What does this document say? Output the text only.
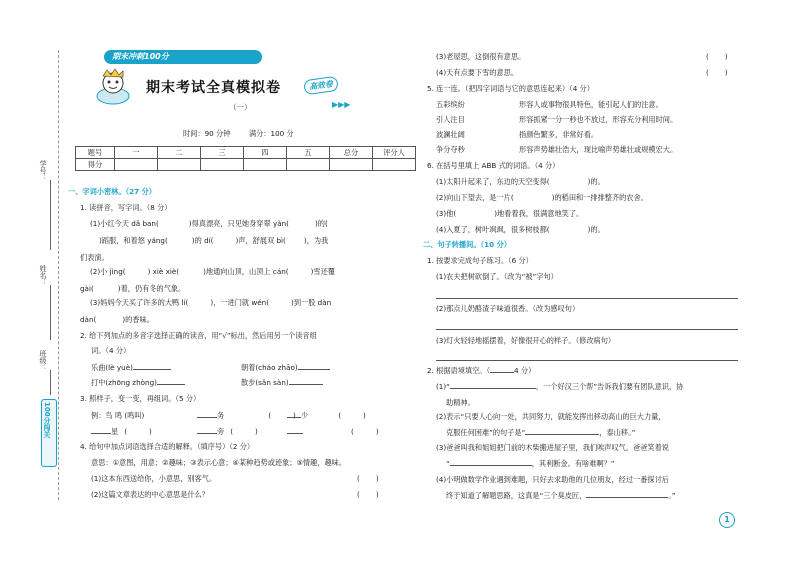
学号：
姓名：
班级：
100分闯关
期末冲刺100分
期末考试全真模拟卷
（一）
高效卷
▶▶▶
时间：90 分钟	满分：100 分
题号	一	二	三	四	五	总分	评分人
得分							
一、字词小密林。（27 分）
1. 读拼音，写字词。（8 分）
(1)小红今天 dǎ ban(	)得真漂亮，只见她身穿翠 yǎn(	)的(
)蹈服，和着悠 yáng(	)的 dí(	)声，舒展双 bì(	)，为我
们表演。
(2)小 jìng(	) xiè xiè(	)地通向山顶，山顶上 cán(	)雪还覆
gài(	)着，仍有冬的气象。
(3)妈妈今天买了许多的大鸭 lí(	)，一进门就 wén(	)到一股 dàn
dàn(	)的香味。
2. 给下列加点的多音字选择正确的读音，用“√”标出，然后用另一个读音组
词。（4 分）
乐曲(lè yuè)	朝着(cháo zhāo)
打中(zhōng zhòng)	散步(sǎn sàn)
3. 照样子，变一变，再组词。（5 分）
例：鸟 鸣 (鸣叫)	务	(	) 少	(	)
星 (	)	旁 (	)	(	)
4. 给句中加点词语选择合适的解释。（填序号）（2 分）
意思：①意图，用意；②趣味；③表示心意；④某种趋势或迹象；⑤情趣，趣味。
(1)这本东西送给你，小意思，别客气。	( )
(2)这篇文章表达的中心意思是什么？	( )
(3)老屋思，这倒很有意思。	( )
(4)天有点要下雪的意思。	( )
5. 连一连。（把四字词语与它的意思连起来）（4 分）
五彩缤纷	形容人或事物很具特色，能引起人们的注意。
引人注目	形容抓紧一分一秒也不放过，形容充分利用时间。
波澜壮阔	指颜色繁多，非常好看。
争分夺秒	形容声势雄壮浩大，现比喻声势雄壮或规模宏大。
6. 在括号里填上 ABB 式的词语。（4 分）
(1)太阳升起来了，东边的天空变得(	)的。
(2)向山下望去，是一片(	)的稻田和一排排整齐的农舍。
(3)他(	)地看着我，很满意地笑了。
(4)入夏了，树叶飒飒，很多树枝都(	)的。
二、句子转播间。（10 分）
1. 按要求完成句子练习。（6 分）
(1)农夫把树砍倒了。（改为“被”字句）
(2)那点儿奶酪渣子味道很香。（改为感叹句）
(3)灯火轻轻地摇摆着，好像很开心的样子。（修改病句）
2. 根据语境填空。（	4 分）
(1)“	，一个好汉三个帮”告诉我们要有团队意识，协
助精神。
(2)表示“只要人心向一处，共同努力，就能发挥出移动高山的巨大力量，
克服任何困难”的句子是“	，泰山移。”
(3)爸爸叫我和姐姐把门前的木柴搬进屋子里，我们唉声叹气，爸爸笑着说
“	，其利断金。有啥难啊？”
(4)小明做数学作业遇到难题，只好去求助他的几位朋友，经过一番探讨后
终于知道了解题思路，这真是“三个臭皮匠，	。”
1
